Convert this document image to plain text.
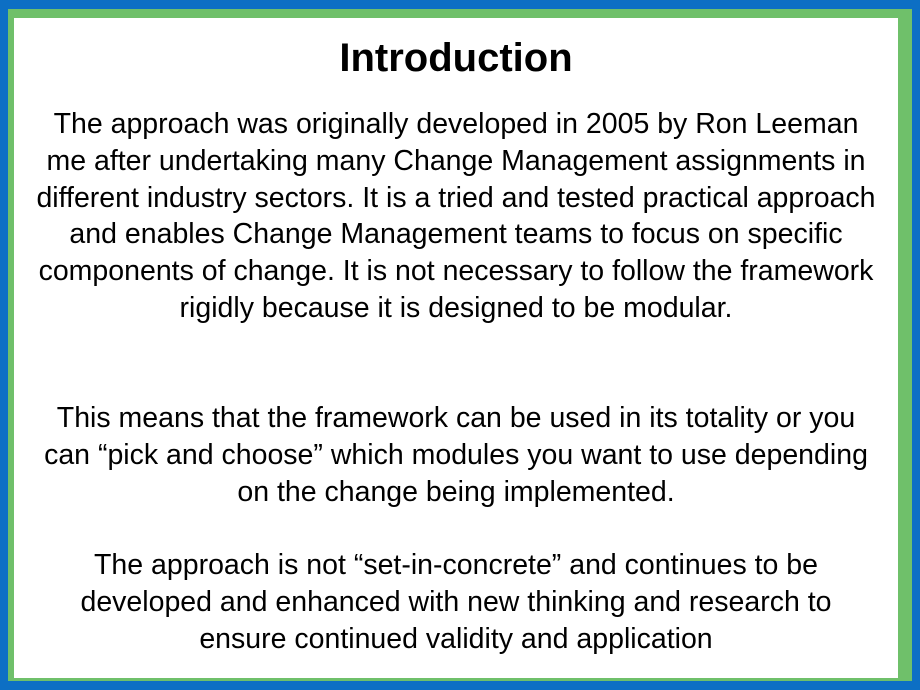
Introduction

The approach was originally developed in 2005 by Ron Leeman me after undertaking many Change Management assignments in different industry sectors. It is a tried and tested practical approach and enables Change Management teams to focus on specific components of change. It is not necessary to follow the framework rigidly because it is designed to be modular.

This means that the framework can be used in its totality or you can “pick and choose” which modules you want to use depending on the change being implemented.

The approach is not “set-in-concrete” and continues to be developed and enhanced with new thinking and research to ensure continued validity and application
